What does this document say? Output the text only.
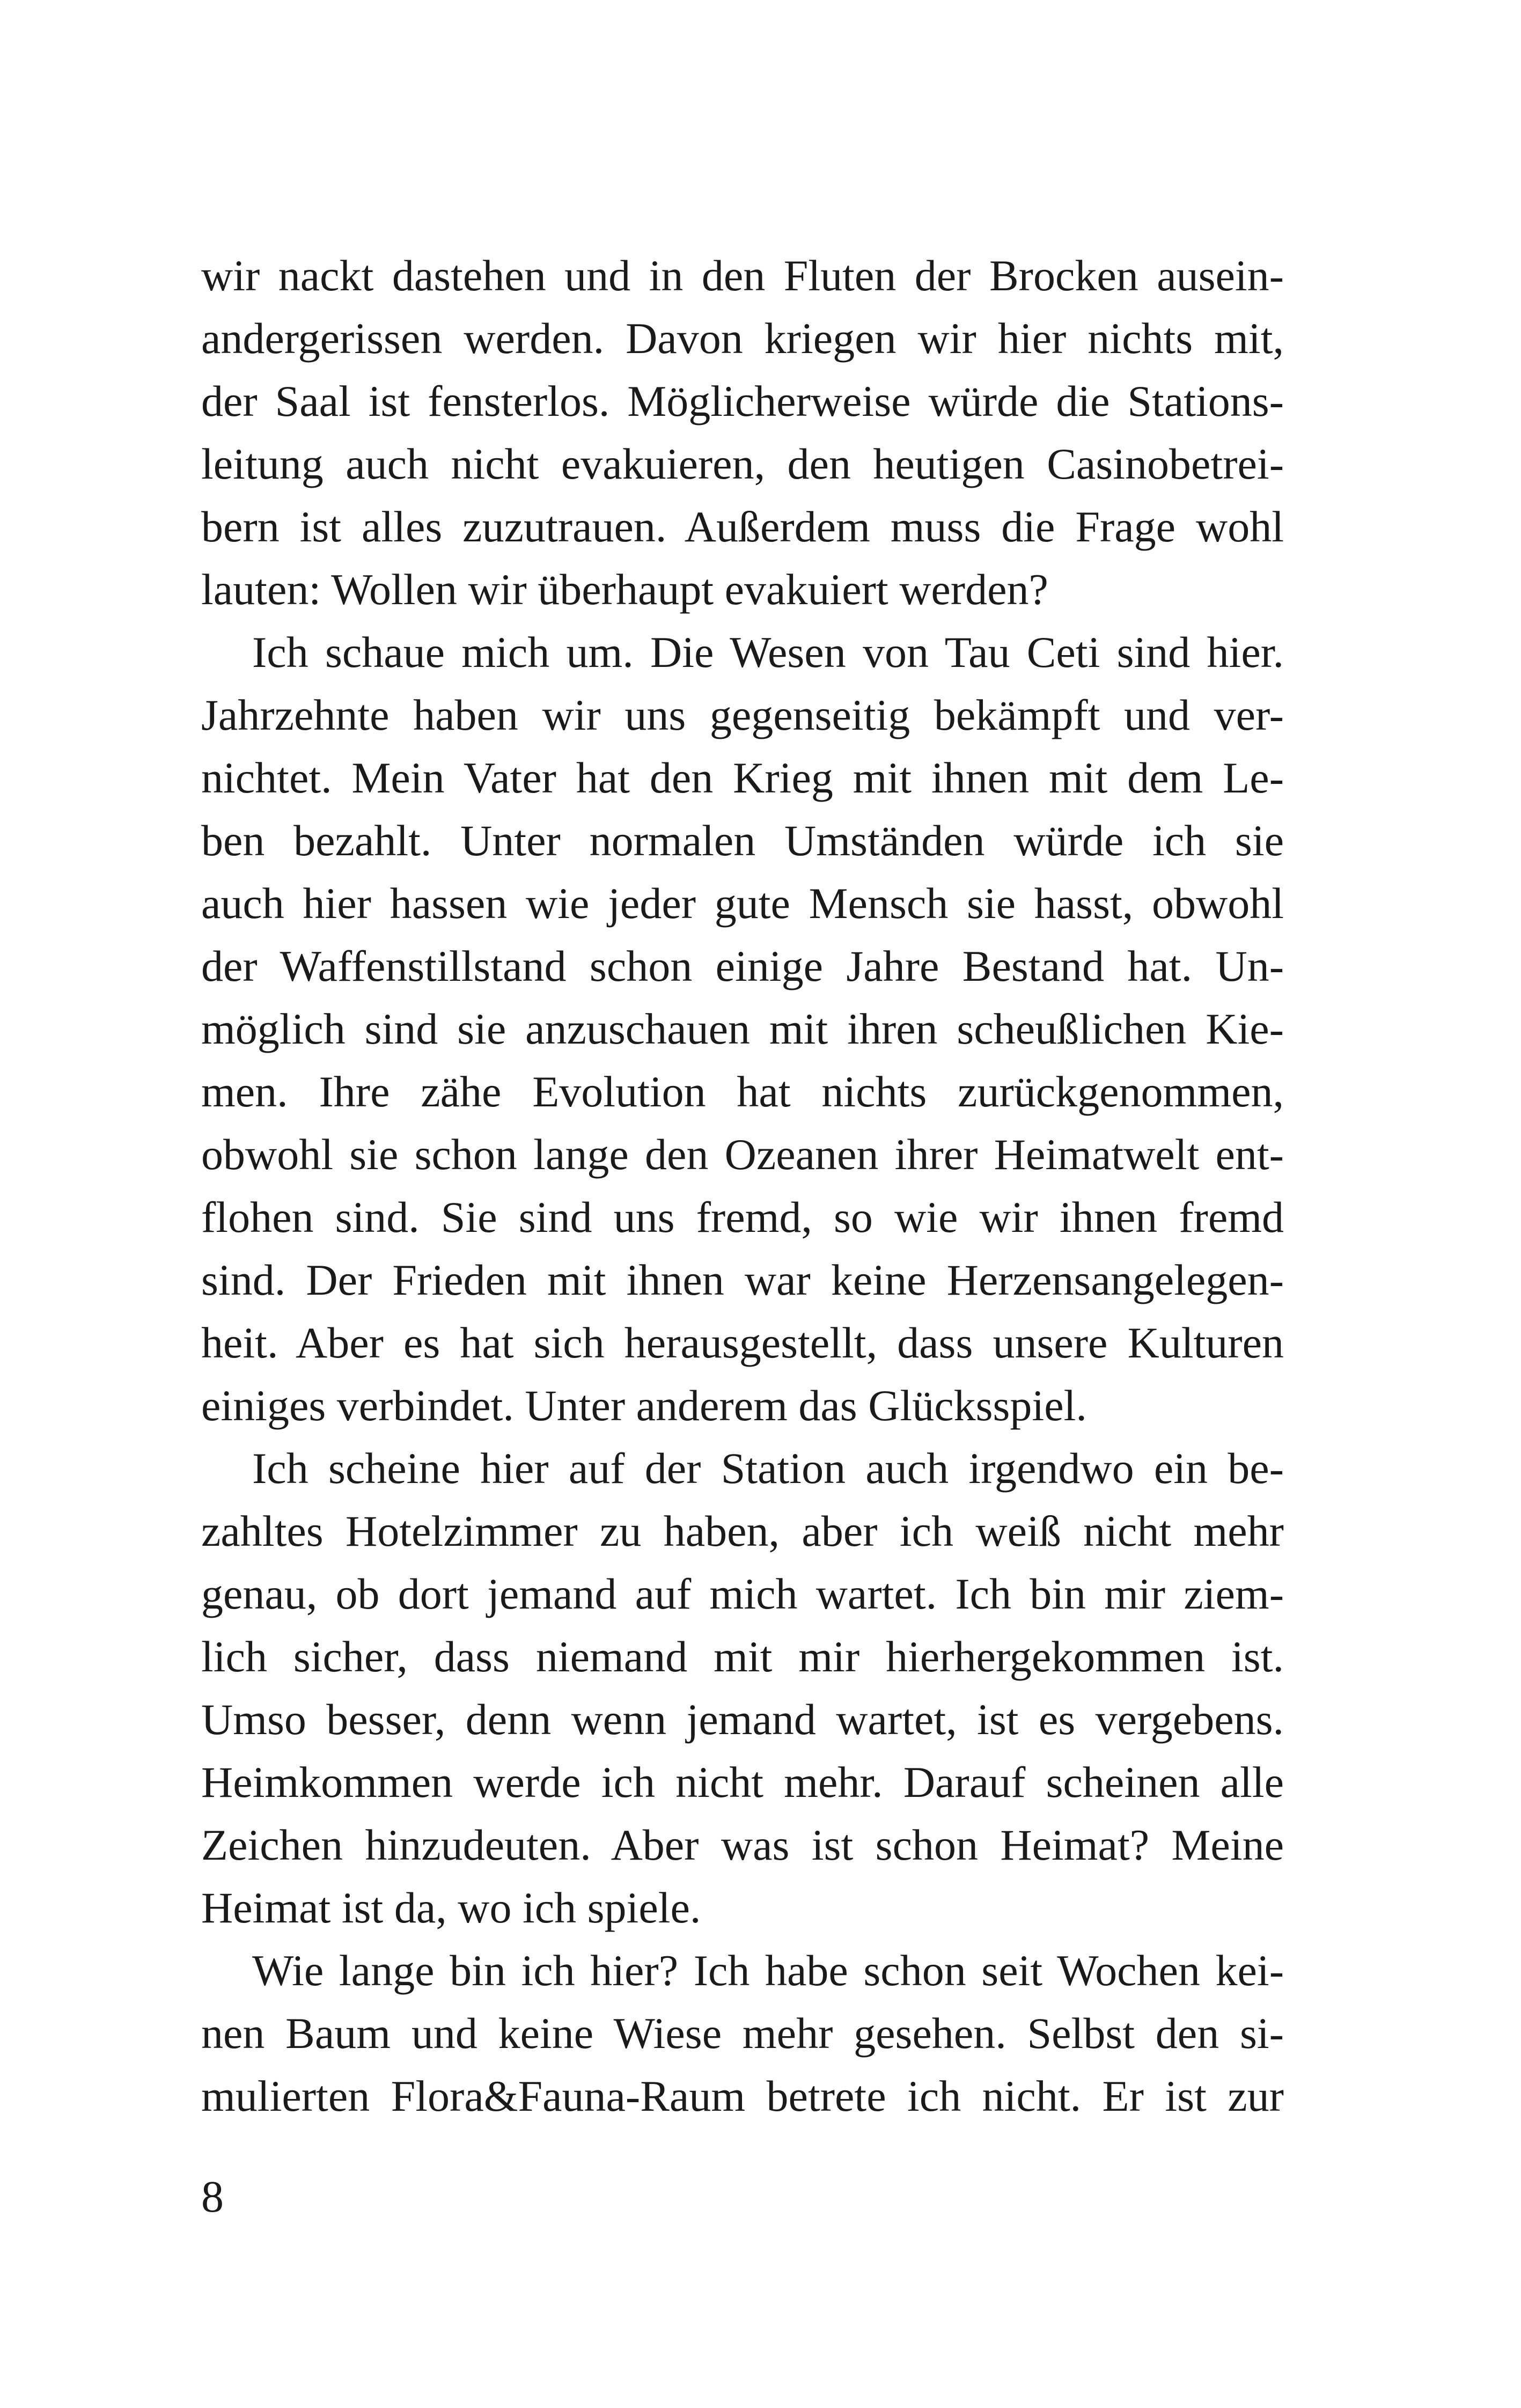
wir nackt dastehen und in den Fluten der Brocken ausein-
andergerissen werden. Davon kriegen wir hier nichts mit,
der Saal ist fensterlos. Möglicherweise würde die Stations-
leitung auch nicht evakuieren, den heutigen Casinobetrei-
bern ist alles zuzutrauen. Außerdem muss die Frage wohl
lauten: Wollen wir überhaupt evakuiert werden?
Ich schaue mich um. Die Wesen von Tau Ceti sind hier.
Jahrzehnte haben wir uns gegenseitig bekämpft und ver-
nichtet. Mein Vater hat den Krieg mit ihnen mit dem Le-
ben bezahlt. Unter normalen Umständen würde ich sie
auch hier hassen wie jeder gute Mensch sie hasst, obwohl
der Waffenstillstand schon einige Jahre Bestand hat. Un-
möglich sind sie anzuschauen mit ihren scheußlichen Kie-
men. Ihre zähe Evolution hat nichts zurückgenommen,
obwohl sie schon lange den Ozeanen ihrer Heimatwelt ent-
flohen sind. Sie sind uns fremd, so wie wir ihnen fremd
sind. Der Frieden mit ihnen war keine Herzensangelegen-
heit. Aber es hat sich herausgestellt, dass unsere Kulturen
einiges verbindet. Unter anderem das Glücksspiel.
Ich scheine hier auf der Station auch irgendwo ein be-
zahltes Hotelzimmer zu haben, aber ich weiß nicht mehr
genau, ob dort jemand auf mich wartet. Ich bin mir ziem-
lich sicher, dass niemand mit mir hierhergekommen ist.
Umso besser, denn wenn jemand wartet, ist es vergebens.
Heimkommen werde ich nicht mehr. Darauf scheinen alle
Zeichen hinzudeuten. Aber was ist schon Heimat? Meine
Heimat ist da, wo ich spiele.
Wie lange bin ich hier? Ich habe schon seit Wochen kei-
nen Baum und keine Wiese mehr gesehen. Selbst den si-
mulierten Flora&Fauna-Raum betrete ich nicht. Er ist zur
8
